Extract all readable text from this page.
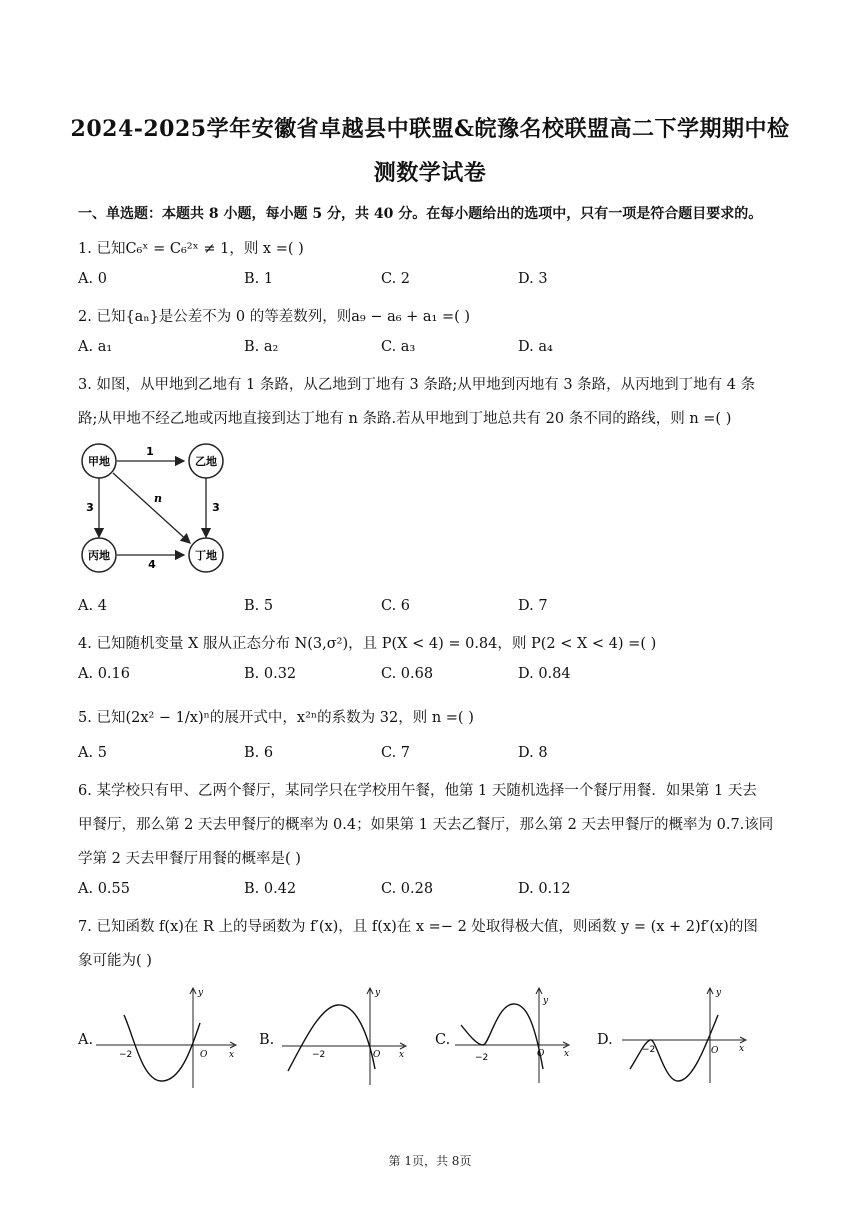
2024-2025学年安徽省卓越县中联盟&皖豫名校联盟高二下学期期中检
测数学试卷
一、单选题：本题共 8 小题，每小题 5 分，共 40 分。在每小题给出的选项中，只有一项是符合题目要求的。
1. 已知C₆ˣ = C₆²ˣ ≠ 1，则 x =( )
A. 0	B. 1	C. 2	D. 3
2. 已知{aₙ}是公差不为 0 的等差数列，则a₉ − a₆ + a₁ =( )
A. a₁	B. a₂	C. a₃	D. a₄
3. 如图，从甲地到乙地有 1 条路，从乙地到丁地有 3 条路;从甲地到丙地有 3 条路，从丙地到丁地有 4 条
路;从甲地不经乙地或丙地直接到达丁地有 n 条路.若从甲地到丁地总共有 20 条不同的路线，则 n =( )
甲地	乙地
丙地	丁地
1
3
3
4
n
A. 4	B. 5	C. 6	D. 7
4. 已知随机变量 X 服从正态分布 N(3,σ²)，且 P(X < 4) = 0.84，则 P(2 < X < 4) =( )
A. 0.16	B. 0.32	C. 0.68	D. 0.84
5. 已知(2x² − 1/x)ⁿ的展开式中，x²ⁿ的系数为 32，则 n =( )
A. 5	B. 6	C. 7	D. 8
6. 某学校只有甲、乙两个餐厅，某同学只在学校用午餐，他第 1 天随机选择一个餐厅用餐．如果第 1 天去
甲餐厅，那么第 2 天去甲餐厅的概率为 0.4；如果第 1 天去乙餐厅，那么第 2 天去甲餐厅的概率为 0.7.该同
学第 2 天去甲餐厅用餐的概率是( )
A. 0.55	B. 0.42	C. 0.28	D. 0.12
7. 已知函数 f(x)在 R 上的导函数为 f′(x)，且 f(x)在 x =− 2 处取得极大值，则函数 y = (x + 2)f′(x)的图
象可能为( )
A.	B.	C.	D.
y
x
O
−2
y
x
O
−2
y
x
O
−2
y
x
O
−2
第 1页，共 8页
